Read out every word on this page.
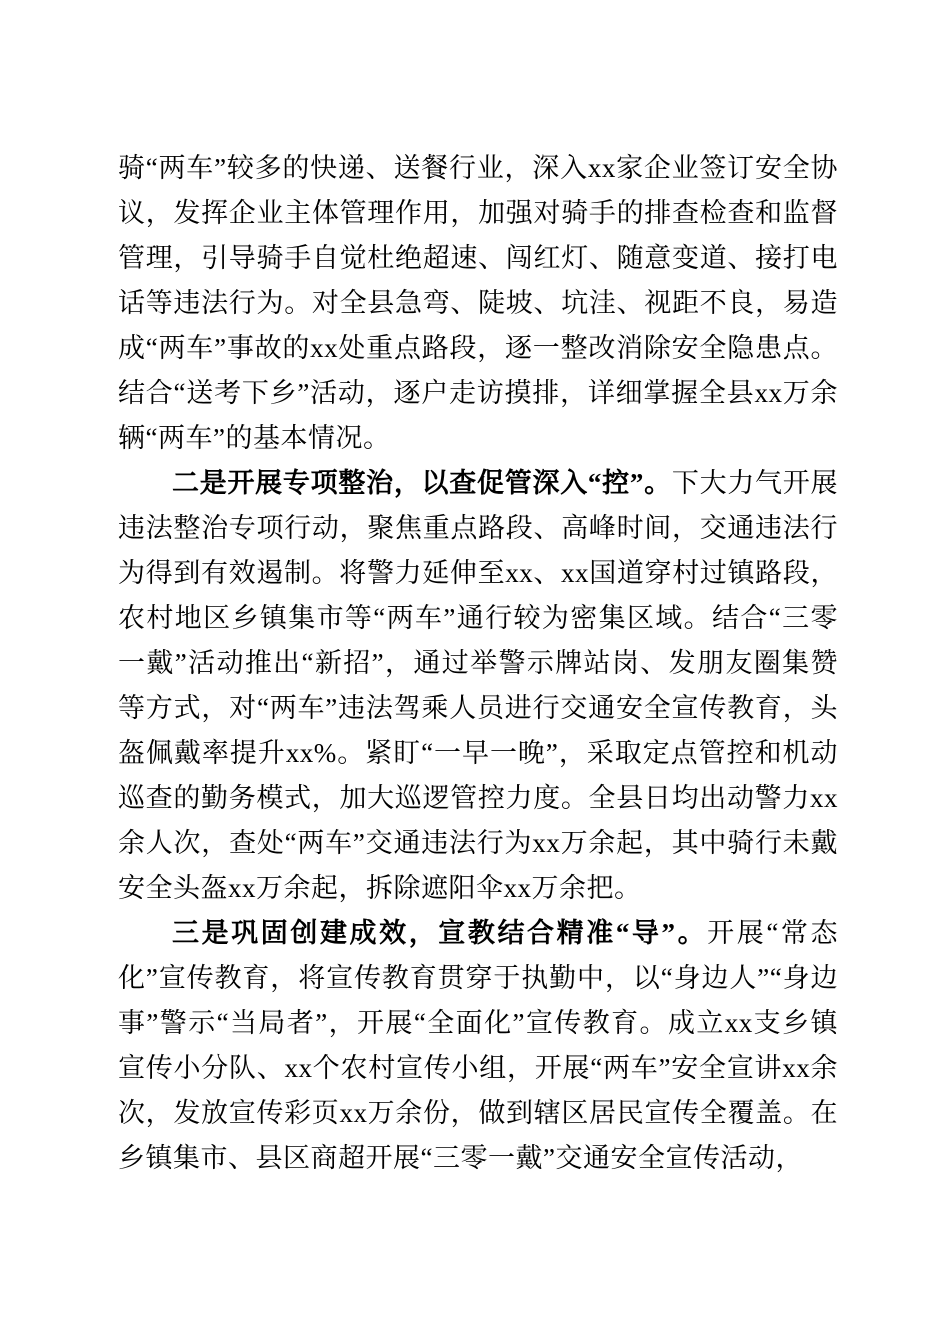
骑“两车”较多的快递、送餐行业，深入xx家企业签订安全协议，发挥企业主体管理作用，加强对骑手的排查检查和监督管理，引导骑手自觉杜绝超速、闯红灯、随意变道、接打电话等违法行为。对全县急弯、陡坡、坑洼、视距不良，易造成“两车”事故的xx处重点路段，逐一整改消除安全隐患点。结合“送考下乡”活动，逐户走访摸排，详细掌握全县xx万余辆“两车”的基本情况。

二是开展专项整治，以查促管深入“控”。下大力气开展违法整治专项行动，聚焦重点路段、高峰时间，交通违法行为得到有效遏制。将警力延伸至xx、xx国道穿村过镇路段，农村地区乡镇集市等“两车”通行较为密集区域。结合“三零一戴”活动推出“新招”，通过举警示牌站岗、发朋友圈集赞等方式，对“两车”违法驾乘人员进行交通安全宣传教育，头盔佩戴率提升xx%。紧盯“一早一晚”，采取定点管控和机动巡查的勤务模式，加大巡逻管控力度。全县日均出动警力xx余人次，查处“两车”交通违法行为xx万余起，其中骑行未戴安全头盔xx万余起，拆除遮阳伞xx万余把。

三是巩固创建成效，宣教结合精准“导”。开展“常态化”宣传教育，将宣传教育贯穿于执勤中，以“身边人”“身边事”警示“当局者”，开展“全面化”宣传教育。成立xx支乡镇宣传小分队、xx个农村宣传小组，开展“两车”安全宣讲xx余次，发放宣传彩页xx万余份，做到辖区居民宣传全覆盖。在乡镇集市、县区商超开展“三零一戴”交通安全宣传活动，
